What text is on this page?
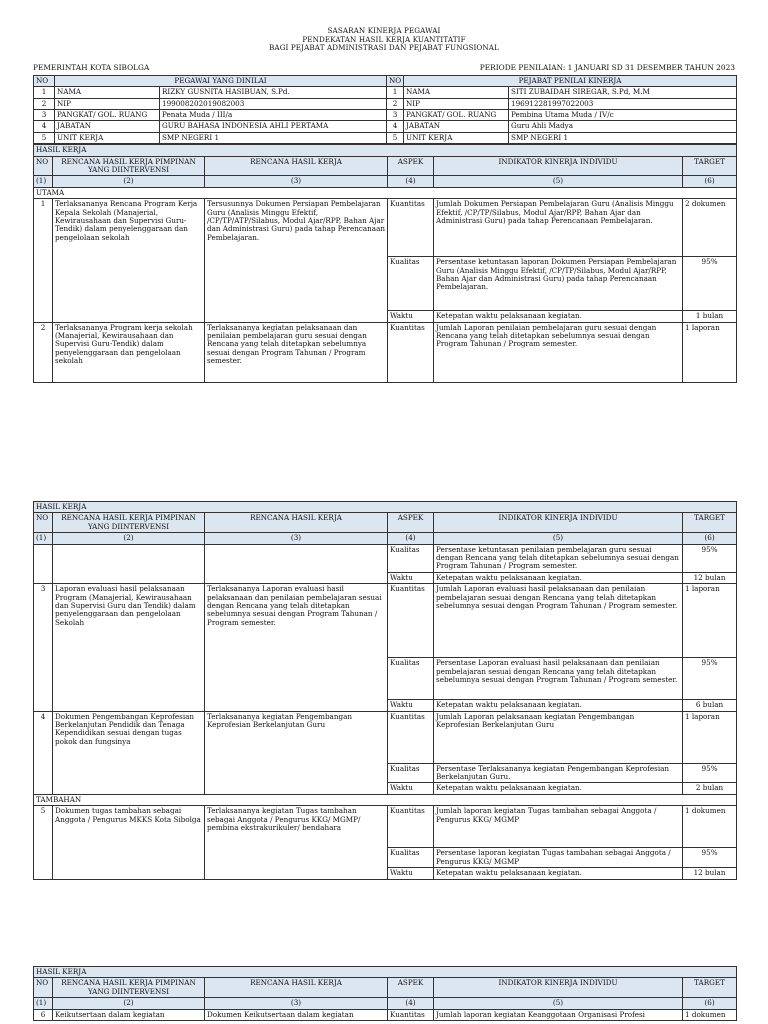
SASARAN KINERJA PEGAWAI
PENDEKATAN HASIL KERJA KUANTITATIF
BAGI PEJABAT ADMINISTRASI DAN PEJABAT FUNGSIONAL
PEMERINTAH KOTA SIBOLGA	PERIODE PENILAIAN: 1 JANUARI SD 31 DESEMBER TAHUN 2023
NO	PEGAWAI YANG DINILAI		NO	PEJABAT PENILAI KINERJA	
1	NAMA	RIZKY GUSNITA HASIBUAN, S.Pd.	1	NAMA	SITI ZUBAIDAH SIREGAR, S.Pd, M.M
2	NIP	199008202019082003	2	NIP	196912281997022003
3	PANGKAT/ GOL. RUANG	Penata Muda / III/a	3	PANGKAT/ GOL. RUANG	Pembina Utama Muda / IV/c
4	JABATAN	GURU BAHASA INDONESIA AHLI PERTAMA	4	JABATAN	Guru Ahli Madya
5	UNIT KERJA	SMP NEGERI 1	5	UNIT KERJA	SMP NEGERI 1
HASIL KERJA					
NO	RENCANA HASIL KERJA PIMPINAN YANG DIINTERVENSI	RENCANA HASIL KERJA	ASPEK	INDIKATOR KINERJA INDIVIDU	TARGET
(1)	(2)	(3)	(4)	(5)	(6)
UTAMA					
1	Terlaksananya Rencana Program Kerja Kepala Sekolah (Manajerial, Kewirausahaan dan Supervisi Guru-Tendik) dalam penyelenggaraan dan pengelolaan sekolah	Tersusunnya Dokumen Persiapan Pembelajaran Guru (Analisis Minggu Efektif, /CP/TP/ATP/Silabus, Modul Ajar/RPP, Bahan Ajar dan Administrasi Guru) pada tahap Perencanaan Pembelajaran.	Kuantitas	Jumlah Dokumen Persiapan Pembelajaran Guru (Analisis Minggu Efektif, /CP/TP/Silabus, Modul Ajar/RPP, Bahan Ajar dan Administrasi Guru) pada tahap Perencanaan Pembelajaran.	2 dokumen
			Kualitas	Persentase ketuntasan laporan Dokumen Persiapan Pembelajaran Guru (Analisis Minggu Efektif, /CP/TP/Silabus, Modul Ajar/RPP, Bahan Ajar dan Administrasi Guru) pada tahap Perencanaan Pembelajaran.	95%
			Waktu	Ketepatan waktu pelaksanaan kegiatan.	1 bulan
2	Terlaksananya Program kerja sekolah (Manajerial, Kewirausahaan dan Supervisi Guru-Tendik) dalam penyelenggaraan dan pengelolaan sekolah	Terlaksananya kegiatan pelaksanaan dan penilaian pembelajaran guru sesuai dengan Rencana yang telah ditetapkan sebelumnya sesuai dengan Program Tahunan / Program semester.	Kuantitas	Jumlah Laporan penilaian pembelajaran guru sesuai dengan Rencana yang telah ditetapkan sebelumnya sesuai dengan Program Tahunan / Program semester.	1 laporan
HASIL KERJA					
NO	RENCANA HASIL KERJA PIMPINAN YANG DIINTERVENSI	RENCANA HASIL KERJA	ASPEK	INDIKATOR KINERJA INDIVIDU	TARGET
(1)	(2)	(3)	(4)	(5)	(6)
			Kualitas	Persentase ketuntasan penilaian pembelajaran guru sesuai dengan Rencana yang telah ditetapkan sebelumnya sesuai dengan Program Tahunan / Program semester.	95%
			Waktu	Ketepatan waktu pelaksanaan kegiatan.	12 bulan
3	Laporan evaluasi hasil pelaksanaan Program (Manajerial, Kewirausahaan dan Supervisi Guru dan Tendik) dalam penyelenggaraan dan pengelolaan Sekolah	Terlaksananya Laporan evaluasi hasil pelaksanaan dan penilaian pembelajaran sesuai dengan Rencana yang telah ditetapkan sebelumnya sesuai dengan Program Tahunan / Program semester.	Kuantitas	Jumlah Laporan evaluasi hasil pelaksanaan dan penilaian pembelajaran sesuai dengan Rencana yang telah ditetapkan sebelumnya sesuai dengan Program Tahunan / Program semester.	1 laporan
			Kualitas	Persentase Laporan evaluasi hasil pelaksanaan dan penilaian pembelajaran sesuai dengan Rencana yang telah ditetapkan sebelumnya sesuai dengan Program Tahunan / Program semester.	95%
			Waktu	Ketepatan waktu pelaksanaan kegiatan.	6 bulan
4	Dokumen Pengembangan Keprofesian Berkelanjutan Pendidik dan Tenaga Kependidikan sesuai dengan tugas pokok dan fungsinya	Terlaksananya kegiatan Pengembangan Keprofesian Berkelanjutan Guru	Kuantitas	Jumlah Laporan pelaksanaan kegiatan Pengembangan Keprofesian Berkelanjutan Guru	1 laporan
			Kualitas	Persentase Terlaksananya kegiatan Pengembangan Keprofesian Berkelanjutan Guru.	95%
			Waktu	Ketepatan waktu pelaksanaan kegiatan.	2 bulan
TAMBAHAN					
5	Dokumen tugas tambahan sebagai Anggota / Pengurus MKKS Kota Sibolga	Terlaksananya kegiatan Tugas tambahan sebagai Anggota / Pengurus KKG/ MGMP/ pembina ekstrakurikuler/ bendahara	Kuantitas	Jumlah laporan kegiatan Tugas tambahan sebagai Anggota / Pengurus KKG/ MGMP	1 dokumen
			Kualitas	Persentase laporan kegiatan Tugas tambahan sebagai Anggota / Pengurus KKG/ MGMP	95%
			Waktu	Ketepatan waktu pelaksanaan kegiatan.	12 bulan
HASIL KERJA					
NO	RENCANA HASIL KERJA PIMPINAN YANG DIINTERVENSI	RENCANA HASIL KERJA	ASPEK	INDIKATOR KINERJA INDIVIDU	TARGET
(1)	(2)	(3)	(4)	(5)	(6)
6	Keikutsertaan dalam kegiatan	Dokumen Keikutsertaan dalam kegiatan	Kuantitas	Jumlah laporan kegiatan Keanggotaan Organisasi Profesi	1 dokumen
